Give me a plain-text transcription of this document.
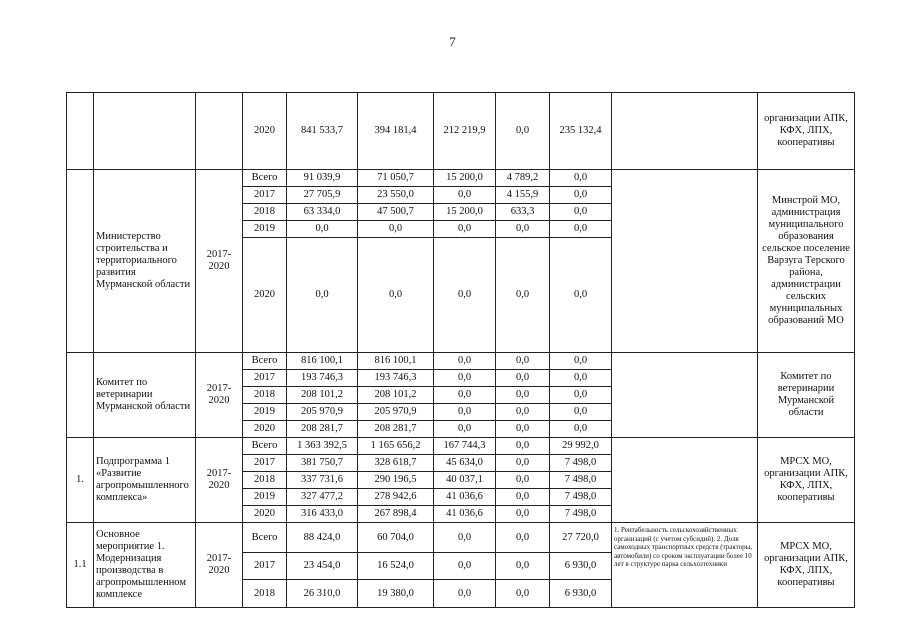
7
			2020	841 533,7	394 181,4	212 219,9	0,0	235 132,4		организации АПК, КФХ, ЛПХ, кооперативы
	Министерство строительства и территориального развития Мурманской области	2017-2020	Всего	91 039,9	71 050,7	15 200,0	4 789,2	0,0		Минстрой МО, администрация муниципального образования сельское поселение Варзуга Терского района, администрации сельских муниципальных образований МО
			2017	27 705,9	23 550,0	0,0	4 155,9	0,0		
			2018	63 334,0	47 500,7	15 200,0	633,3	0,0		
			2019	0,0	0,0	0,0	0,0	0,0		
			2020	0,0	0,0	0,0	0,0	0,0		
	Комитет по ветеринарии Мурманской области	2017-2020	Всего	816 100,1	816 100,1	0,0	0,0	0,0		Комитет по ветеринарии Мурманской области
			2017	193 746,3	193 746,3	0,0	0,0	0,0		
			2018	208 101,2	208 101,2	0,0	0,0	0,0		
			2019	205 970,9	205 970,9	0,0	0,0	0,0		
			2020	208 281,7	208 281,7	0,0	0,0	0,0		
1.	Подпрограмма 1 «Развитие агропромышленного комплекса»	2017-2020	Всего	1 363 392,5	1 165 656,2	167 744,3	0,0	29 992,0		МРСХ МО, организации АПК, КФХ, ЛПХ, кооперативы
			2017	381 750,7	328 618,7	45 634,0	0,0	7 498,0		
			2018	337 731,6	290 196,5	40 037,1	0,0	7 498,0		
			2019	327 477,2	278 942,6	41 036,6	0,0	7 498,0		
			2020	316 433,0	267 898,4	41 036,6	0,0	7 498,0		
1.1	Основное мероприятие 1. Модернизация производства в агропромышленном комплексе	2017-2020	Всего	88 424,0	60 704,0	0,0	0,0	27 720,0	1. Рентабельность сельскохозяйственных организаций (с учетом субсидий). 2. Доля самоходных транспортных средств (тракторы, автомобили) со сроком эксплуатации более 10 лет в структуре парка сельхозтехники	МРСХ МО, организации АПК, КФХ, ЛПХ, кооперативы
			2017	23 454,0	16 524,0	0,0	0,0	6 930,0		
			2018	26 310,0	19 380,0	0,0	0,0	6 930,0		
